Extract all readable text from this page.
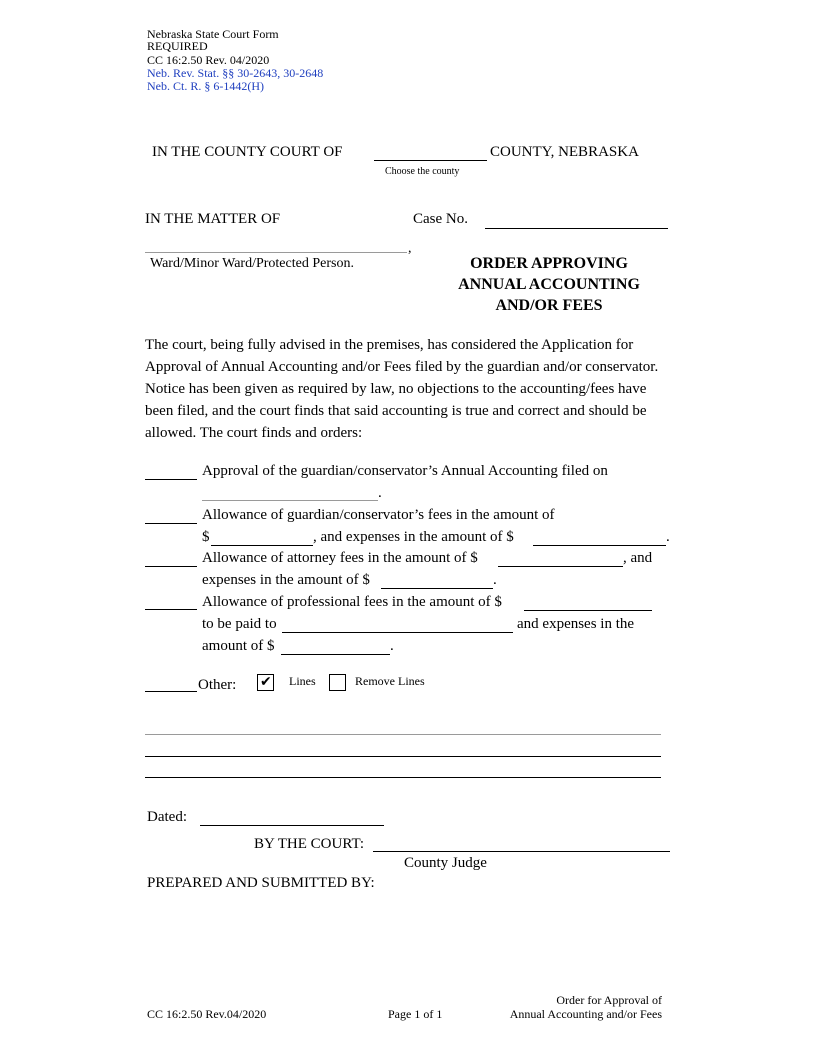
Nebraska State Court Form
REQUIRED
CC 16:2.50 Rev. 04/2020
Neb. Rev. Stat. §§ 30-2643, 30-2648
Neb. Ct. R. § 6-1442(H)
IN THE COUNTY COURT OF	COUNTY, NEBRASKA
Choose the county
IN THE MATTER OF	Case No.
,
Ward/Minor Ward/Protected Person.	ORDER APPROVING
ANNUAL ACCOUNTING
AND/OR FEES
The court, being fully advised in the premises, has considered the Application for Approval of Annual Accounting and/or Fees filed by the guardian and/or conservator. Notice has been given as required by law, no objections to the accounting/fees have been filed, and the court finds that said accounting is true and correct and should be allowed. The court finds and orders:
Approval of the guardian/conservator’s Annual Accounting filed on
.
Allowance of guardian/conservator’s fees in the amount of
$	, and expenses in the amount of $	.
Allowance of attorney fees in the amount of $	, and
expenses in the amount of $	.
Allowance of professional fees in the amount of $
to be paid to	and expenses in the
amount of $	.
Other: ✔ Lines	Remove Lines
Dated:
BY THE COURT:
County Judge
PREPARED AND SUBMITTED BY:
CC 16:2.50 Rev.04/2020	Page 1 of 1
Order for Approval of
Annual Accounting and/or Fees
